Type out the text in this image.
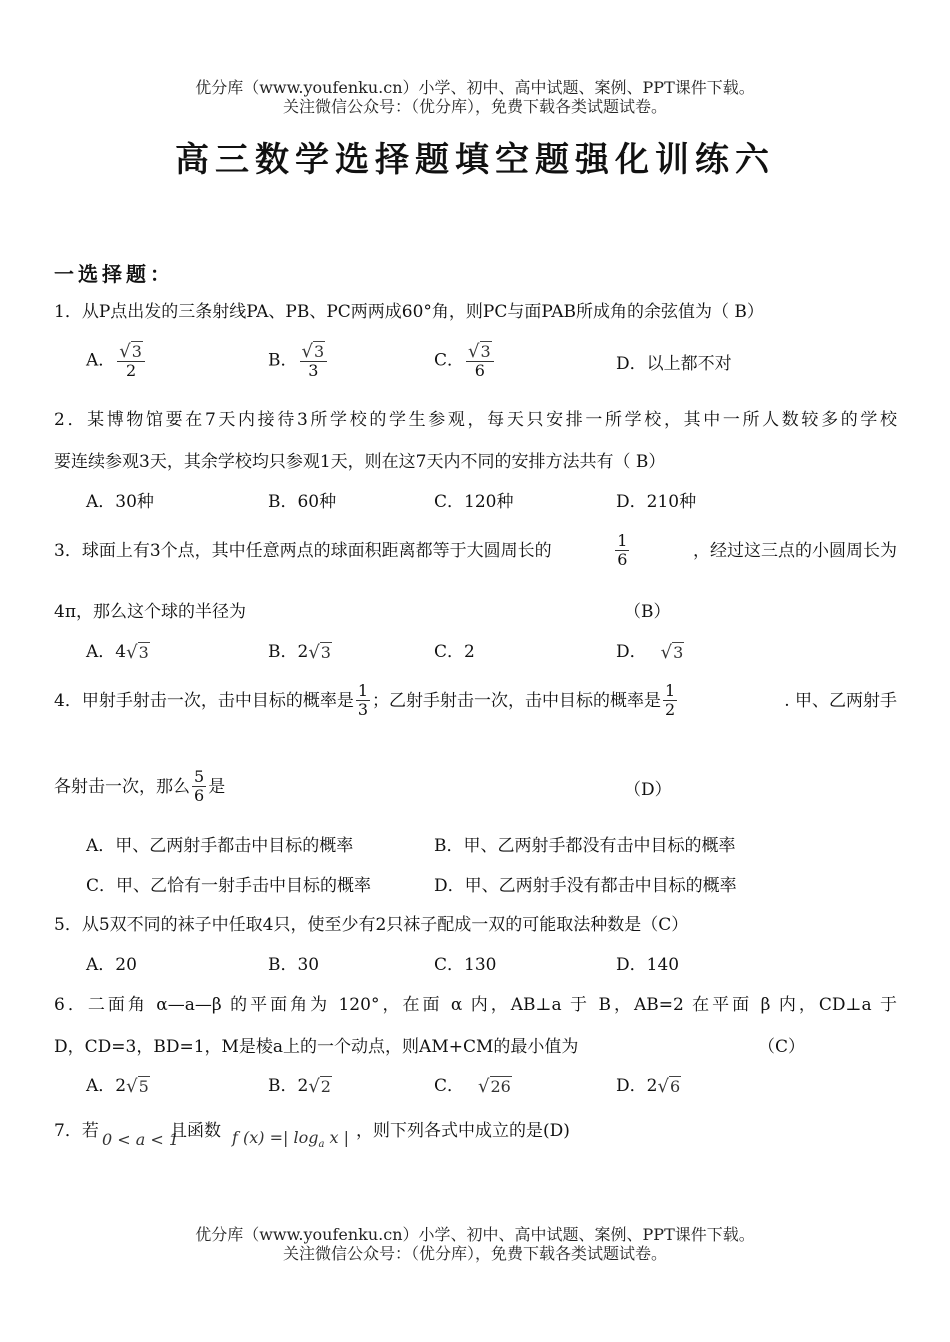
优分库（www.youfenku.cn）小学、初中、高中试题、案例、PPT课件下载。
关注微信公众号：（优分库），免费下载各类试题试卷。
高三数学选择题填空题强化训练六
一选择题：
1．从P点出发的三条射线PA、PB、PC两两成60°角，则PC与面PAB所成角的余弦值为（ B）
A． $\frac{√3}{2}$	B． $\frac{√3}{3}$	C． $\frac{√3}{6}$	D．以上都不对
2．某博物馆要在7天内接待3所学校的学生参观，每天只安排一所学校，其中一所人数较多的学校
要连续参观3天，其余学校均只参观1天，则在这7天内不同的安排方法共有（ B）
A．30种	B．60种	C．120种	D．210种
3．球面上有3个点，其中任意两点的球面积距离都等于大圆周长的	$\frac{1}{6}$	，经过这三点的小圆周长为
4π，那么这个球的半径为	（B）
A．4√3	B．2√3	C．2	D． √3
4．甲射手射击一次，击中目标的概率是 $\frac{1}{3}$ ；乙射手射击一次，击中目标的概率是 $\frac{1}{2}$	. 甲、乙两射手
各射击一次，那么 $\frac{5}{6}$ 是	（D）
A．甲、乙两射手都击中目标的概率	B．甲、乙两射手都没有击中目标的概率
C．甲、乙恰有一射手击中目标的概率	D．甲、乙两射手没有都击中目标的概率
5．从5双不同的袜子中任取4只，使至少有2只袜子配成一双的可能取法种数是（C）
A．20	B．30	C．130	D．140
6．二面角 α—a—β 的平面角为 120°，在面 α 内，AB⊥a 于 B，AB=2 在平面 β 内，CD⊥a 于
D，CD=3，BD=1，M是棱a上的一个动点，则AM+CM的最小值为	（C）
A．2√5	B．2√2	C． √26	D．2√6
7．若 0 < a < 1
且函数 f (x) =| $\log_a x$ | ，则下列各式中成立的是(D)
优分库（www.youfenku.cn）小学、初中、高中试题、案例、PPT课件下载。
关注微信公众号：（优分库），免费下载各类试题试卷。
